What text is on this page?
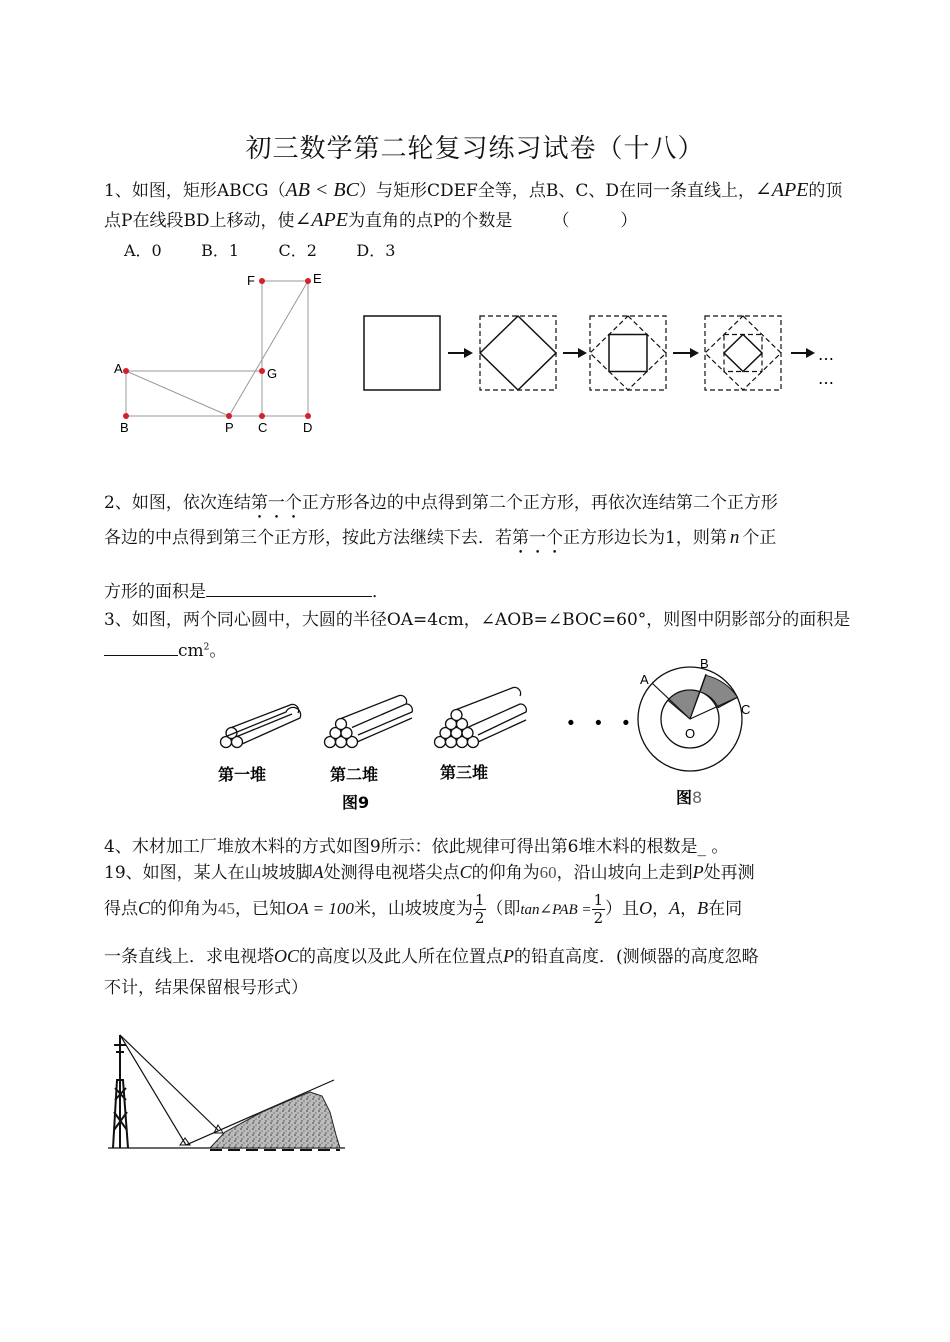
初三数学第二轮复习练习试卷（十八）
1、如图，矩形ABCG（AB < BC）与矩形CDEF全等，点B、C、D在同一条直线上，∠APE的顶
点P在线段BD上移动，使∠APE为直角的点P的个数是 （　　　）
A．0 B．1 C．2 D．3
A
B	P C	D
G
F	E
…
…
2、如图，依次连结第一个正方形各边的中点得到第二个正方形，再依次连结第二个正方形
各边的中点得到第三个正方形，按此方法继续下去．若第一个正方形边长为1，则第 n 个正
方形的面积是	．
3、如图，两个同心圆中，大圆的半径OA=4cm，∠AOB=∠BOC=60°，则图中阴影部分的面积是
$cm^2$。
第一堆	第二堆	第三堆
图9
· · ·
A
B
C
O
图8
4、木材加工厂堆放木料的方式如图9所示：依此规律可得出第6堆木料的根数是_ 。
19、如图，某人在山坡坡脚A处测得电视塔尖点C的仰角为60，沿山坡向上走到P处再测
得点C的仰角为45，已知OA = 100米，山坡坡度为 $\frac{1}{2}$ （即tan∠PAB = $\frac{1}{2}$ ）且O，A，B在同
一条直线上．求电视塔OC的高度以及此人所在位置点P的铅直高度．(测倾器的高度忽略
不计，结果保留根号形式）
